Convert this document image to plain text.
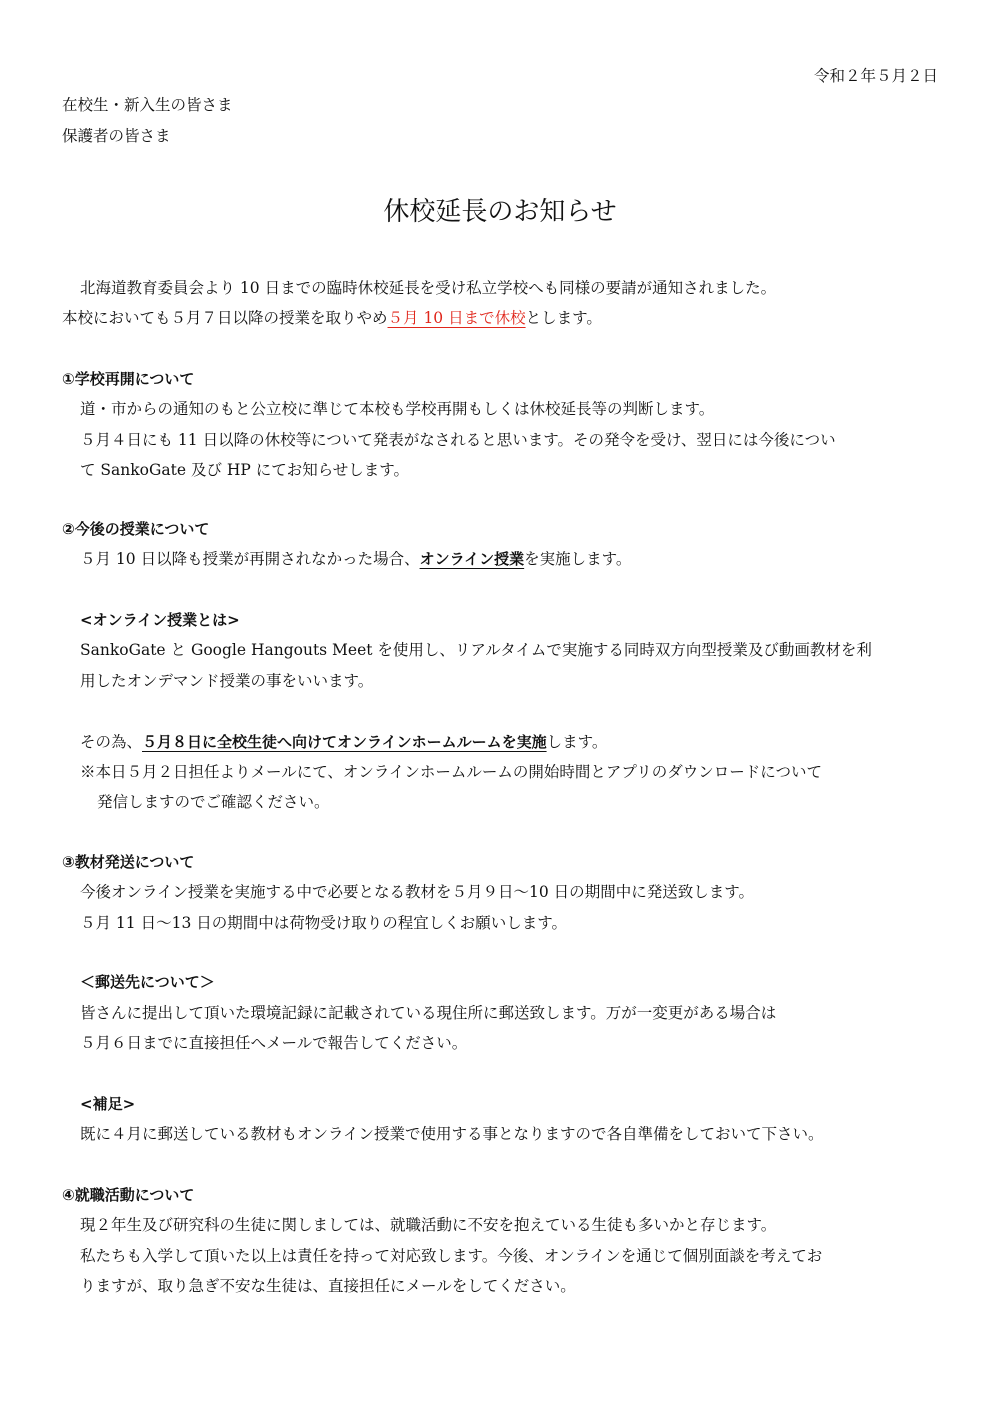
令和２年５月２日
在校生・新入生の皆さま
保護者の皆さま
休校延長のお知らせ
北海道教育委員会より 10 日までの臨時休校延長を受け私立学校へも同様の要請が通知されました。
本校においても５月７日以降の授業を取りやめ５月 10 日まで休校とします。
①学校再開について
道・市からの通知のもと公立校に準じて本校も学校再開もしくは休校延長等の判断します。
５月４日にも 11 日以降の休校等について発表がなされると思います。その発令を受け、翌日には今後につい
て SankoGate 及び HP にてお知らせします。
②今後の授業について
５月 10 日以降も授業が再開されなかった場合、オンライン授業を実施します。
<オンライン授業とは>
SankoGate と Google Hangouts Meet を使用し、リアルタイムで実施する同時双方向型授業及び動画教材を利
用したオンデマンド授業の事をいいます。
その為、５月８日に全校生徒へ向けてオンラインホームルームを実施します。
※本日５月２日担任よりメールにて、オンラインホームルームの開始時間とアプリのダウンロードについて
発信しますのでご確認ください。
③教材発送について
今後オンライン授業を実施する中で必要となる教材を５月９日～10 日の期間中に発送致します。
５月 11 日～13 日の期間中は荷物受け取りの程宜しくお願いします。
＜郵送先について＞
皆さんに提出して頂いた環境記録に記載されている現住所に郵送致します。万が一変更がある場合は
５月６日までに直接担任へメールで報告してください。
<補足>
既に４月に郵送している教材もオンライン授業で使用する事となりますので各自準備をしておいて下さい。
④就職活動について
現２年生及び研究科の生徒に関しましては、就職活動に不安を抱えている生徒も多いかと存じます。
私たちも入学して頂いた以上は責任を持って対応致します。今後、オンラインを通じて個別面談を考えてお
りますが、取り急ぎ不安な生徒は、直接担任にメールをしてください。
